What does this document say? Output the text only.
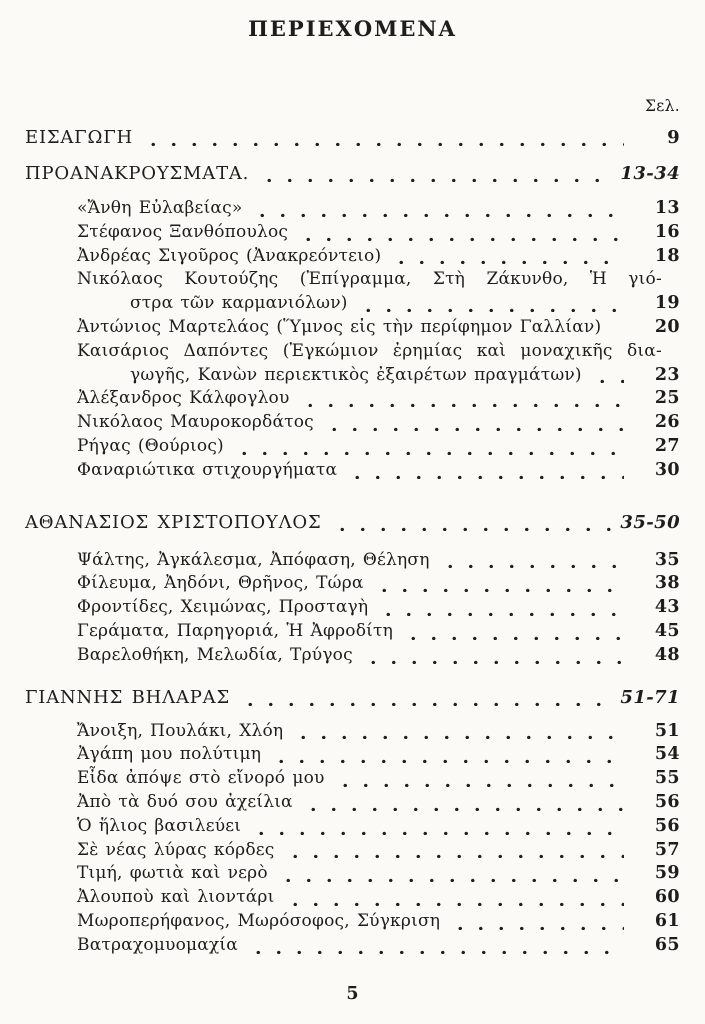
ΠΕΡΙΕΧΟΜΕΝΑ
Σελ.
ΕΙΣΑΓΩΓΗ	9
ΠΡΟΑΝΑΚΡΟΥΣΜΑΤΑ.	13-34
«Ἄνθη Εὐλαβείας»	13
Στέφανος Ξανθόπουλος	16
Ἀνδρέας Σιγοῦρος (Ἀνακρεόντειο)	18
Νικόλαος Κουτούζης (Ἐπίγραμμα, Στὴ Ζάκυνθο, Ἡ γιό-
στρα τῶν καρμανιόλων)	19
Ἀντώνιος Μαρτελάος (Ὕμνος εἰς τὴν περίφημον Γαλλίαν)	20
Καισάριος Δαπόντες (Ἐγκώμιον ἐρημίας καὶ μοναχικῆς δια-
γωγῆς, Κανὼν περιεκτικὸς ἐξαιρέτων πραγμάτων)	23
Ἀλέξανδρος Κάλφογλου	25
Νικόλαος Μαυροκορδάτος	26
Ρήγας (Θούριος)	27
Φαναριώτικα στιχουργήματα	30
ΑΘΑΝΑΣΙΟΣ ΧΡΙΣΤΟΠΟΥΛΟΣ	35-50
Ψάλτης, Ἀγκάλεσμα, Ἀπόφαση, Θέληση	35
Φίλευμα, Ἀηδόνι, Θρῆνος, Τώρα	38
Φροντίδες, Χειμώνας, Προσταγὴ	43
Γεράματα, Παρηγοριά, Ἡ Ἀφροδίτη	45
Βαρελοθήκη, Μελωδία, Τρύγος	48
ΓΙΑΝΝΗΣ ΒΗΛΑΡΑΣ	51-71
Ἄνοιξη, Πουλάκι, Χλόη	51
Ἀγάπη μου πολύτιμη	54
Εἶδα ἀπόψε στὸ εἴνορό μου	55
Ἀπὸ τὰ δυό σου ἀχείλια	56
Ὁ ἥλιος βασιλεύει	56
Σὲ νέας λύρας κόρδες	57
Τιμή, φωτιὰ καὶ νερὸ	59
Ἀλουποὺ καὶ λιοντάρι	60
Μωροπερήφανος, Μωρόσοφος, Σύγκριση	61
Βατραχομυομαχία	65
5
